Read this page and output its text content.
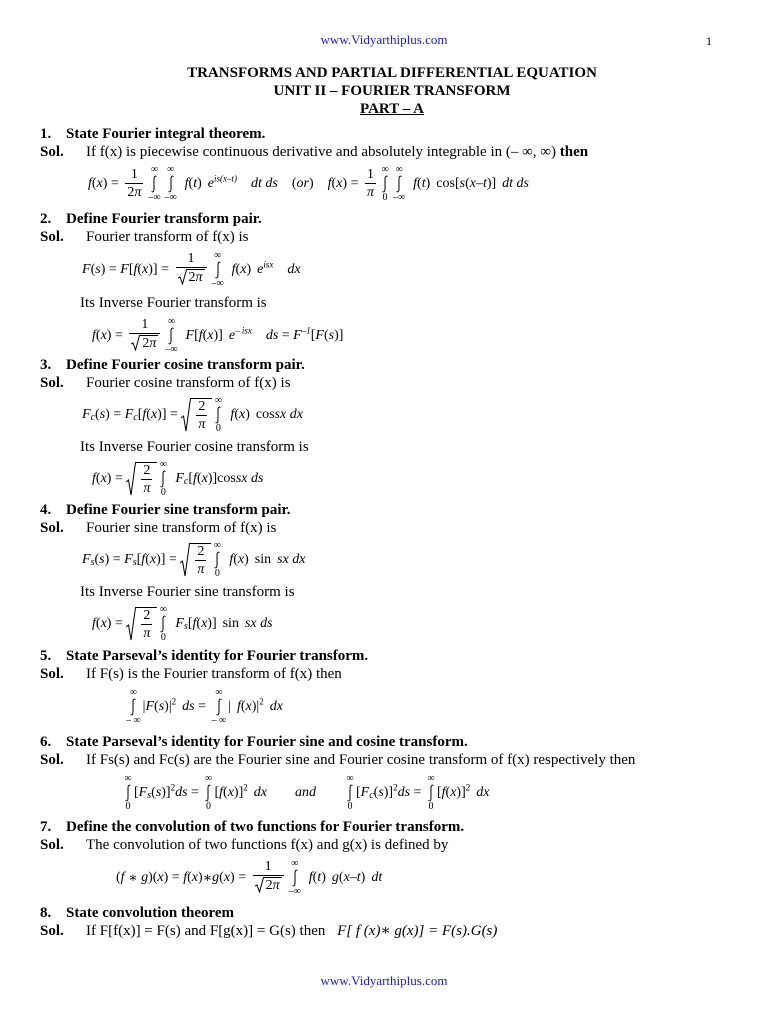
www.Vidyarthiplus.com	1
TRANSFORMS AND PARTIAL DIFFERENTIAL EQUATION
UNIT II – FOURIER TRANSFORM
PART – A
1. State Fourier integral theorem.
Sol. If f(x) is piecewise continuous derivative and absolutely integrable in (– ∞, ∞) then
f ( x ) = $\frac{1}{2\pi}$ ∞
–∞
∞
–∞
f ( t ) $e^{is(x-t)}$ dt ds ( or ) f ( x ) = $\frac{1}{\pi}$ ∞
0
∞
–∞
f ( t ) cos[ s ( x – t )] dt ds
2. Define Fourier transform pair.
Sol. Fourier transform of f(x) is
F ( s ) = F [ f ( x )] = $\frac{1}{2 \pi}$ ∞
–∞
f ( x ) $e^{isx}$ dx
Its Inverse Fourier transform is
f ( x ) = $\frac{1}{2 \pi}$ ∞
–∞
F [ f ( x )] $e^{- isx}$ ds = $F^{-1}$ [ F ( s )]
3. Define Fourier cosine transform pair.
Sol. Fourier cosine transform of f(x) is
Fc ( s ) = Fc [ f ( x )] = $\frac{2}{\pi}$ ∞
0
f ( x ) cos sx dx
Its Inverse Fourier cosine transform is
f ( x ) = $\frac{2}{\pi}$ ∞
0
Fc [ f ( x )] cos sx ds
4. Define Fourier sine transform pair.
Sol. Fourier sine transform of f(x) is
Fs ( s ) = Fs [ f ( x )] = $\frac{2}{\pi}$ ∞
0
f ( x ) sin sx dx
Its Inverse Fourier sine transform is
f ( x ) = $\frac{2}{\pi}$ ∞
0
Fs [ f ( x )] sin sx ds
5. State Parseval’s identity for Fourier transform.
Sol. If F(s) is the Fourier transform of f(x) then
∞
– ∞
| F ( s ) $|^2$ ds =
∞
– ∞
| f ( x ) $|^2$ dx
6. State Parseval’s identity for Fourier sine and cosine transform.
Sol. If Fs(s) and Fc(s) are the Fourier sine and Fourier cosine transform of f(x) respectively then
∞
0
[ Fs ( s )]$^2$ ds =
∞
0
[ f ( x )]$^2$ dx and
∞
0
[ Fc ( s )]$^2$ ds =
∞
0
[ f ( x )]$^2$ dx
7. Define the convolution of two functions for Fourier transform.
Sol. The convolution of two functions f(x) and g(x) is defined by
( f ∗ g )( x ) = f ( x ) ∗ g ( x ) = $\frac{1}{2 \pi}$ ∞
–∞
f ( t ) g ( x – t ) dt
8. State convolution theorem
Sol. If F[f(x)] = F(s) and F[g(x)] = G(s) then F[ f (x)∗ g(x)] = F(s).G(s)
www.Vidyarthiplus.com
